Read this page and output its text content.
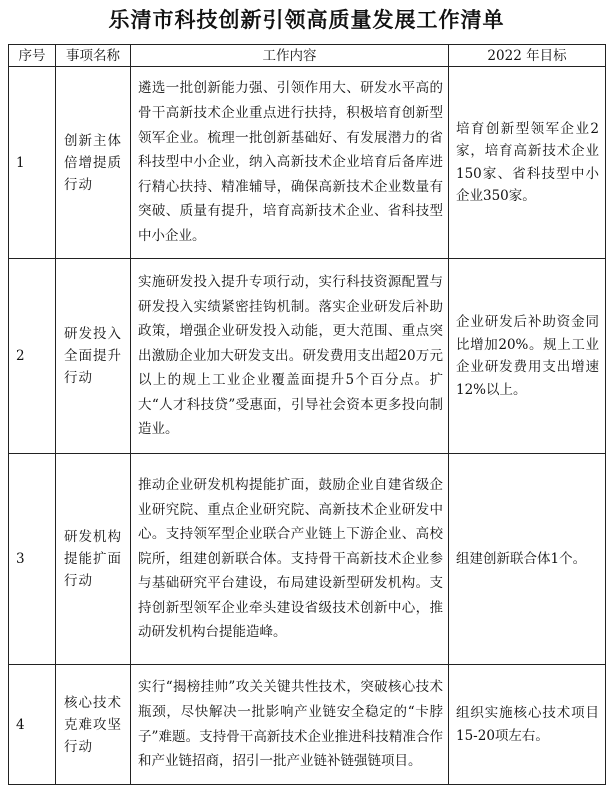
乐清市科技创新引领高质量发展工作清单
序号	事项名称	工作内容	2022 年目标
1	创新主体倍增提质行动	遴选一批创新能力强、引领作用大、研发水平高的骨干高新技术企业重点进行扶持，积极培育创新型领军企业。梳理一批创新基础好、有发展潜力的省科技型中小企业，纳入高新技术企业培育后备库进行精心扶持、精准辅导，确保高新技术企业数量有突破、质量有提升，培育高新技术企业、省科技型中小企业。	培育创新型领军企业2家，培育高新技术企业150家、省科技型中小企业350家。
2	研发投入全面提升行动	实施研发投入提升专项行动，实行科技资源配置与研发投入实绩紧密挂钩机制。落实企业研发后补助政策，增强企业研发投入动能，更大范围、重点突出激励企业加大研发支出。研发费用支出超20万元以上的规上工业企业覆盖面提升5个百分点。扩大“人才科技贷”受惠面，引导社会资本更多投向制造业。	企业研发后补助资金同比增加20%。规上工业企业研发费用支出增速12%以上。
3	研发机构提能扩面行动	推动企业研发机构提能扩面，鼓励企业自建省级企业研究院、重点企业研究院、高新技术企业研发中心。支持领军型企业联合产业链上下游企业、高校院所，组建创新联合体。支持骨干高新技术企业参与基础研究平台建设，布局建设新型研发机构。支持创新型领军企业牵头建设省级技术创新中心，推动研发机构台提能造峰。	组建创新联合体1个。
4	核心技术克难攻坚行动	实行“揭榜挂帅”攻关关键共性技术，突破核心技术瓶颈，尽快解决一批影响产业链安全稳定的“卡脖子”难题。支持骨干高新技术企业推进科技精准合作和产业链招商，招引一批产业链补链强链项目。	组织实施核心技术项目15-20项左右。
